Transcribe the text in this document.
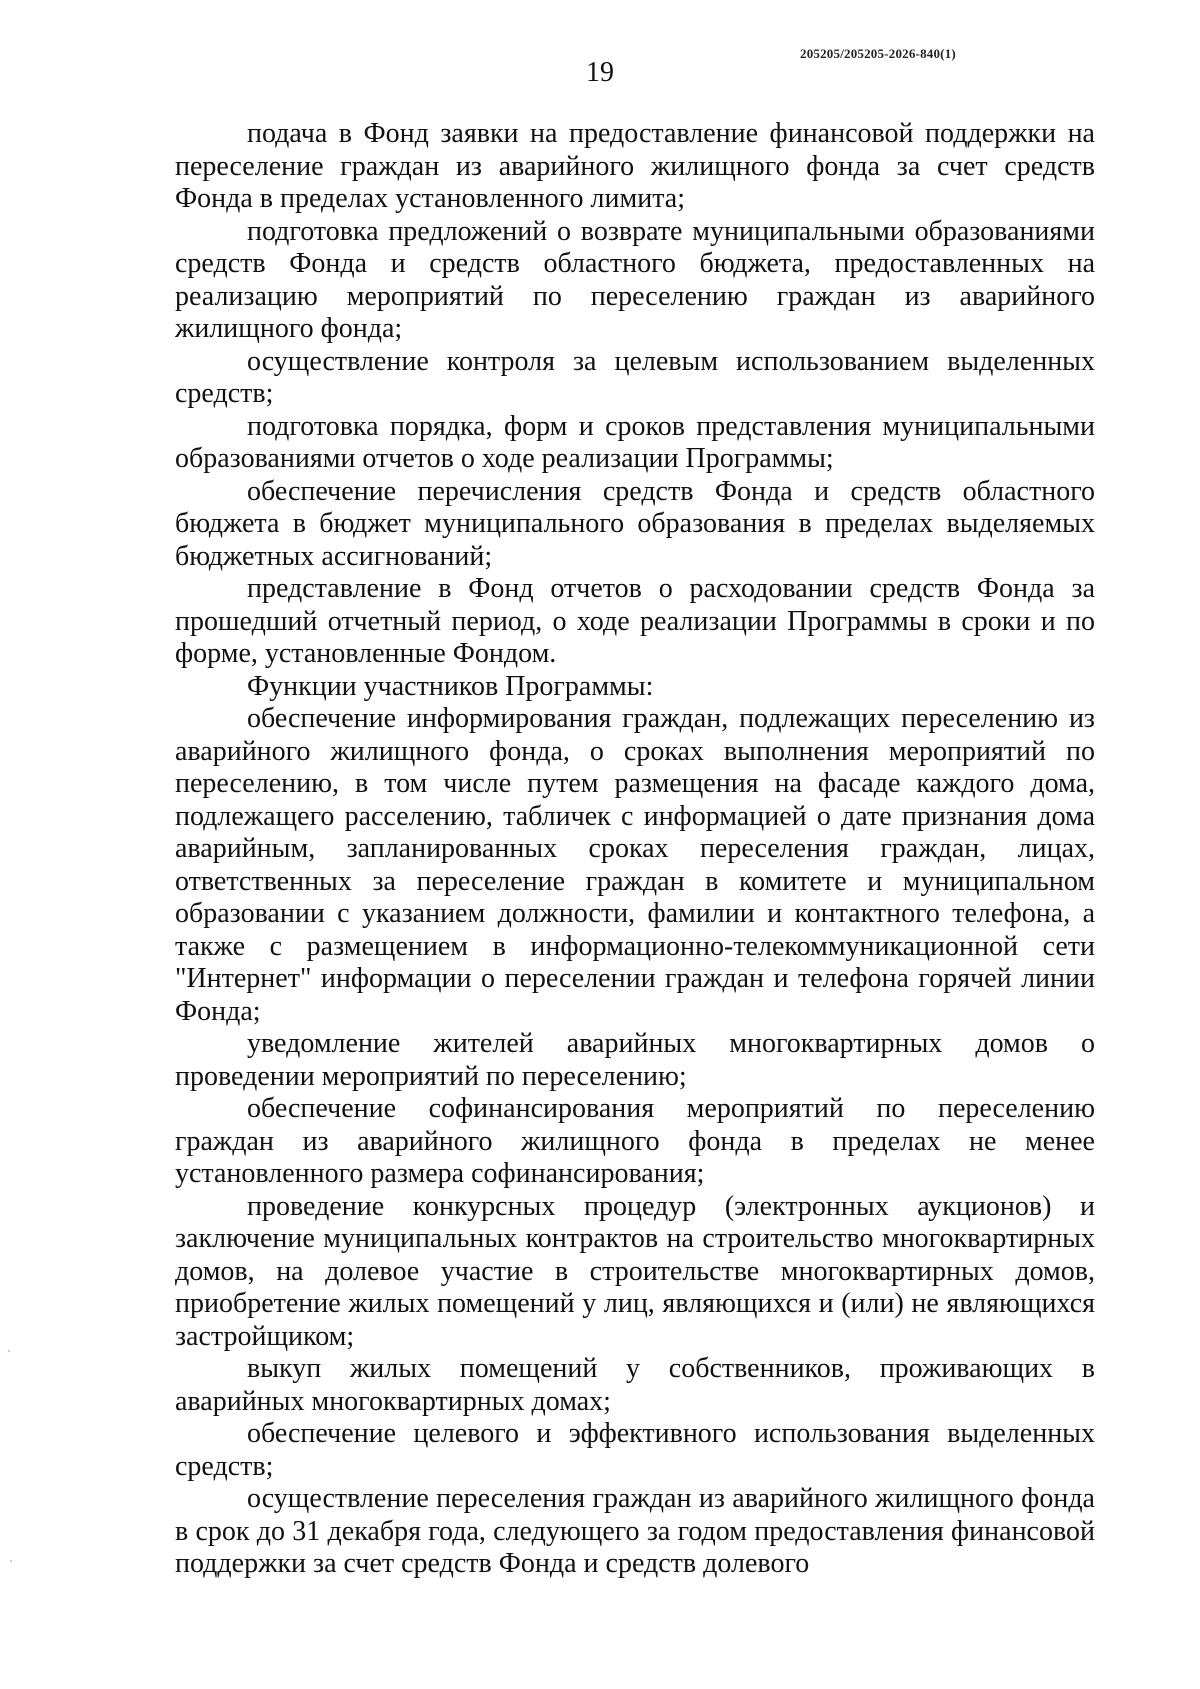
205205/205205-2026-840(1)
19

подача в Фонд заявки на предоставление финансовой поддержки на переселение граждан из аварийного жилищного фонда за счет средств Фонда в пределах установленного лимита;

подготовка предложений о возврате муниципальными образованиями средств Фонда и средств областного бюджета, предоставленных на реализацию мероприятий по переселению граждан из аварийного жилищного фонда;

осуществление контроля за целевым использованием выделенных средств;

подготовка порядка, форм и сроков представления муниципальными образованиями отчетов о ходе реализации Программы;

обеспечение перечисления средств Фонда и средств областного бюджета в бюджет муниципального образования в пределах выделяемых бюджетных ассигнований;

представление в Фонд отчетов о расходовании средств Фонда за прошедший отчетный период, о ходе реализации Программы в сроки и по форме, установленные Фондом.

Функции участников Программы:

обеспечение информирования граждан, подлежащих переселению из аварийного жилищного фонда, о сроках выполнения мероприятий по переселению, в том числе путем размещения на фасаде каждого дома, подлежащего расселению, табличек с информацией о дате признания дома аварийным, запланированных сроках переселения граждан, лицах, ответственных за переселение граждан в комитете и муниципальном образовании с указанием должности, фамилии и контактного телефона, а также с размещением в информационно-телекоммуникационной сети "Интернет" информации о переселении граждан и телефона горячей линии Фонда;

уведомление жителей аварийных многоквартирных домов о проведении мероприятий по переселению;

обеспечение софинансирования мероприятий по переселению граждан из аварийного жилищного фонда в пределах не менее установленного размера софинансирования;

проведение конкурсных процедур (электронных аукционов) и заключение муниципальных контрактов на строительство многоквартирных домов, на долевое участие в строительстве многоквартирных домов, приобретение жилых помещений у лиц, являющихся и (или) не являющихся застройщиком;

выкуп жилых помещений у собственников, проживающих в аварийных многоквартирных домах;

обеспечение целевого и эффективного использования выделенных средств;

осуществление переселения граждан из аварийного жилищного фонда в срок до 31 декабря года, следующего за годом предоставления финансовой поддержки за счет средств Фонда и средств долевого
